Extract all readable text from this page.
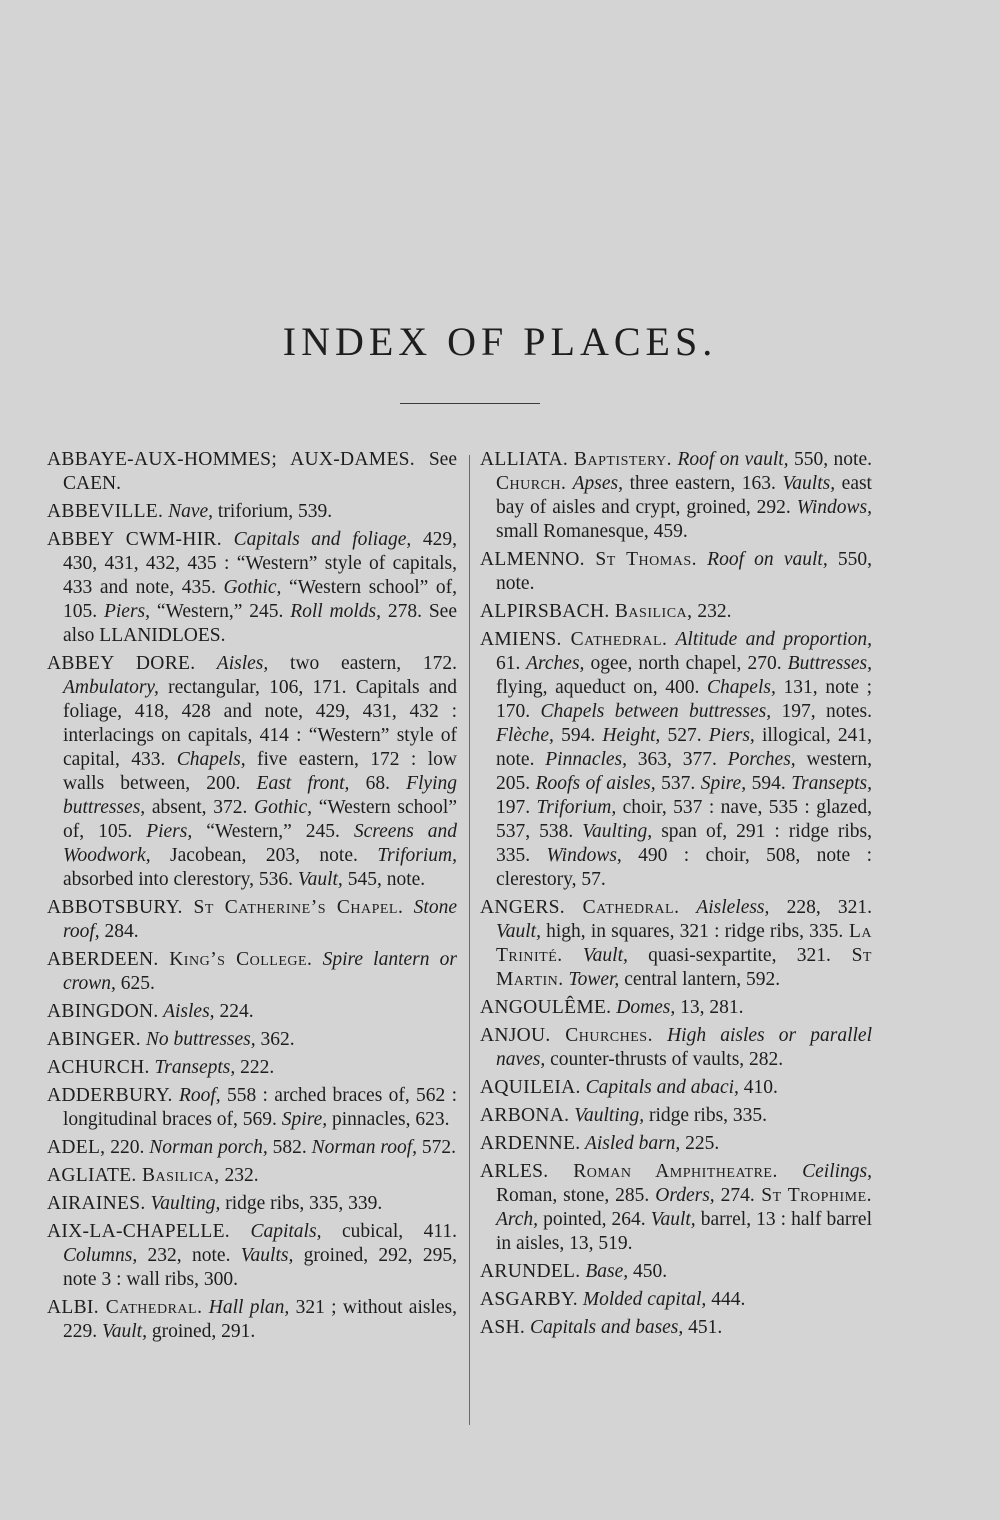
INDEX OF PLACES.

ABBAYE-AUX-HOMMES; AUX-DAMES. See CAEN.

ABBEVILLE. Nave, triforium, 539.

ABBEY CWM-HIR. Capitals and foliage, 429, 430, 431, 432, 435 : “Western” style of capitals, 433 and note, 435. Gothic, “Western school” of, 105. Piers, “Western,” 245. Roll molds, 278. See also LLANIDLOES.

ABBEY DORE. Aisles, two eastern, 172. Ambulatory, rectangular, 106, 171. Capitals and foliage, 418, 428 and note, 429, 431, 432 : interlacings on capitals, 414 : “Western” style of capital, 433. Chapels, five eastern, 172 : low walls between, 200. East front, 68. Flying buttresses, absent, 372. Gothic, “Western school” of, 105. Piers, “Western,” 245. Screens and Woodwork, Jacobean, 203, note. Triforium, absorbed into clerestory, 536. Vault, 545, note.

ABBOTSBURY. St Catherine’s Chapel. Stone roof, 284.

ABERDEEN. King’s College. Spire lantern or crown, 625.

ABINGDON. Aisles, 224.

ABINGER. No buttresses, 362.

ACHURCH. Transepts, 222.

ADDERBURY. Roof, 558 : arched braces of, 562 : longitudinal braces of, 569. Spire, pinnacles, 623.

ADEL, 220. Norman porch, 582. Norman roof, 572.

AGLIATE. Basilica, 232.

AIRAINES. Vaulting, ridge ribs, 335, 339.

AIX-LA-CHAPELLE. Capitals, cubical, 411. Columns, 232, note. Vaults, groined, 292, 295, note 3 : wall ribs, 300.

ALBI. Cathedral. Hall plan, 321 ; without aisles, 229. Vault, groined, 291.

ALLIATA. Baptistery. Roof on vault, 550, note. Church. Apses, three eastern, 163. Vaults, east bay of aisles and crypt, groined, 292. Windows, small Romanesque, 459.

ALMENNO. St Thomas. Roof on vault, 550, note.

ALPIRSBACH. Basilica, 232.

AMIENS. Cathedral. Altitude and proportion, 61. Arches, ogee, north chapel, 270. Buttresses, flying, aqueduct on, 400. Chapels, 131, note ; 170. Chapels between buttresses, 197, notes. Flèche, 594. Height, 527. Piers, illogical, 241, note. Pinnacles, 363, 377. Porches, western, 205. Roofs of aisles, 537. Spire, 594. Transepts, 197. Triforium, choir, 537 : nave, 535 : glazed, 537, 538. Vaulting, span of, 291 : ridge ribs, 335. Windows, 490 : choir, 508, note : clerestory, 57.

ANGERS. Cathedral. Aisleless, 228, 321. Vault, high, in squares, 321 : ridge ribs, 335. La Trinité. Vault, quasi-sexpartite, 321. St Martin. Tower, central lantern, 592.

ANGOULÊME. Domes, 13, 281.

ANJOU. Churches. High aisles or parallel naves, counter-thrusts of vaults, 282.

AQUILEIA. Capitals and abaci, 410.

ARBONA. Vaulting, ridge ribs, 335.

ARDENNE. Aisled barn, 225.

ARLES. Roman Amphitheatre. Ceilings, Roman, stone, 285. Orders, 274. St Trophime. Arch, pointed, 264. Vault, barrel, 13 : half barrel in aisles, 13, 519.

ARUNDEL. Base, 450.

ASGARBY. Molded capital, 444.

ASH. Capitals and bases, 451.
